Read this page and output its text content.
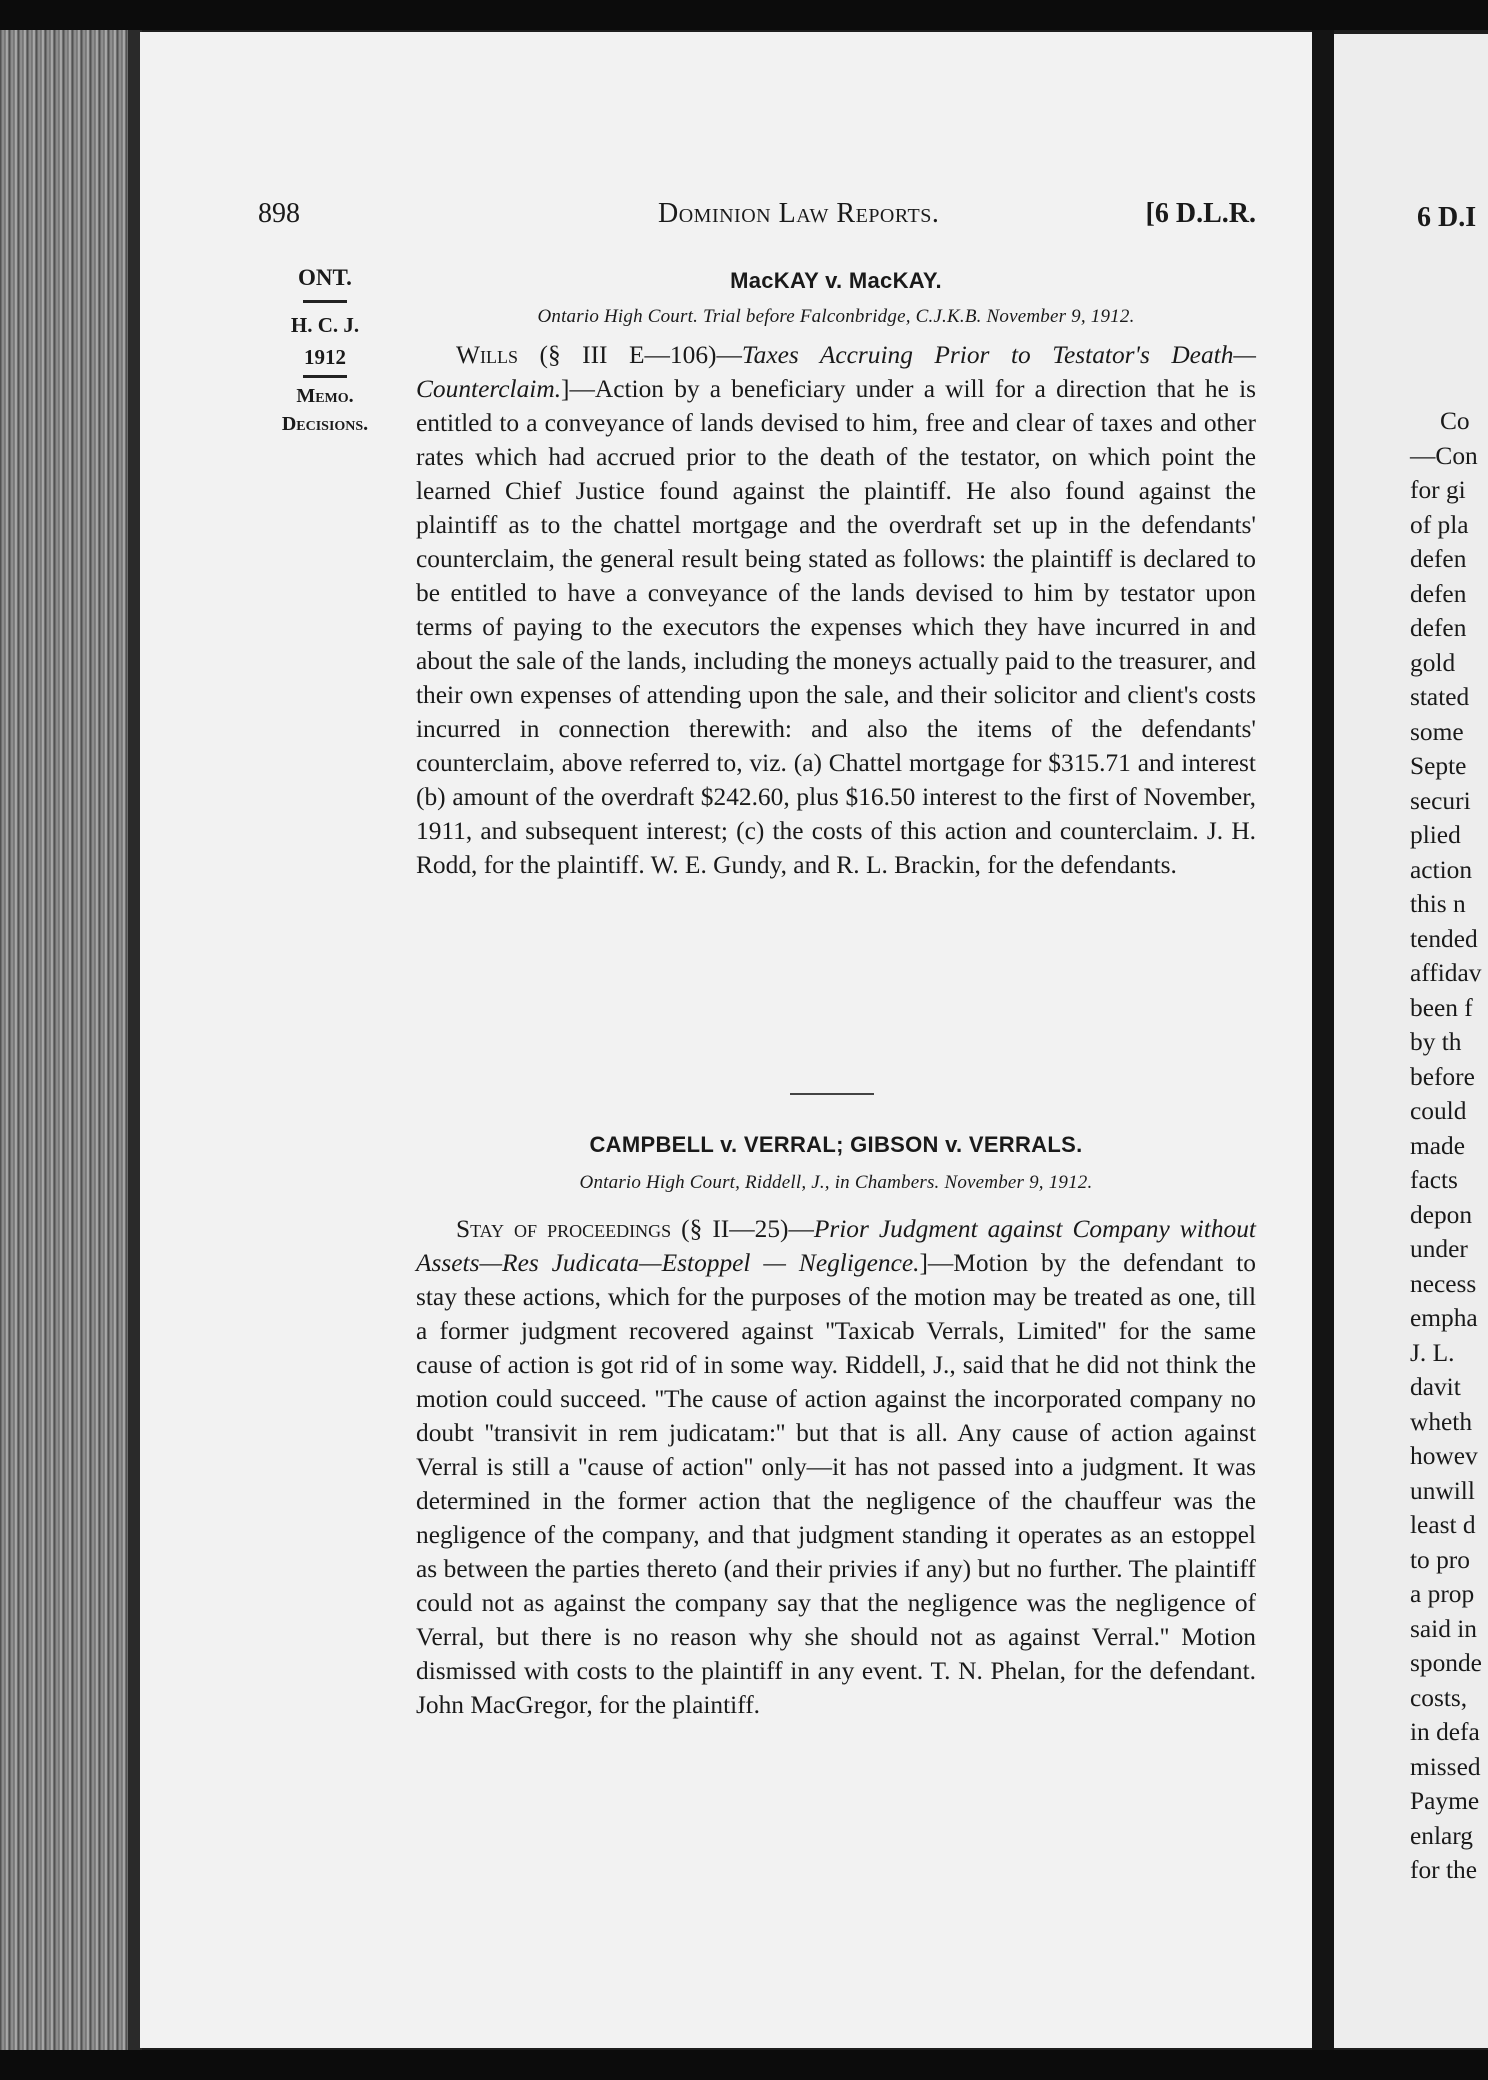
898	Dominion Law Reports.	[6 D.L.R.
ONT.
H. C. J.
1912
Memo.
Decisions.
MacKAY v. MacKAY.
Ontario High Court. Trial before Falconbridge, C.J.K.B. November 9, 1912.

Wills (§ III E—106)—Taxes Accruing Prior to Testator's Death—Counterclaim.]—Action by a beneficiary under a will for a direction that he is entitled to a conveyance of lands devised to him, free and clear of taxes and other rates which had accrued prior to the death of the testator, on which point the learned Chief Justice found against the plaintiff. He also found against the plaintiff as to the chattel mortgage and the overdraft set up in the defendants' counterclaim, the general result being stated as follows: the plaintiff is declared to be entitled to have a conveyance of the lands devised to him by testator upon terms of paying to the executors the expenses which they have incurred in and about the sale of the lands, including the moneys actually paid to the treasurer, and their own expenses of attending upon the sale, and their solicitor and client's costs incurred in connection therewith: and also the items of the defendants' counterclaim, above referred to, viz. (a) Chattel mortgage for $315.71 and interest (b) amount of the overdraft $242.60, plus $16.50 interest to the first of November, 1911, and subsequent interest; (c) the costs of this action and counterclaim. J. H. Rodd, for the plaintiff. W. E. Gundy, and R. L. Brackin, for the defendants.

CAMPBELL v. VERRAL; GIBSON v. VERRALS.
Ontario High Court, Riddell, J., in Chambers. November 9, 1912.

Stay of proceedings (§ II—25)—Prior Judgment against Company without Assets—Res Judicata—Estoppel — Negligence.]—Motion by the defendant to stay these actions, which for the purposes of the motion may be treated as one, till a former judgment recovered against ''Taxicab Verrals, Limited'' for the same cause of action is got rid of in some way. Riddell, J., said that he did not think the motion could succeed. ''The cause of action against the incorporated company no doubt ''transivit in rem judicatam:'' but that is all. Any cause of action against Verral is still a ''cause of action'' only—it has not passed into a judgment. It was determined in the former action that the negligence of the chauffeur was the negligence of the company, and that judgment standing it operates as an estoppel as between the parties thereto (and their privies if any) but no further. The plaintiff could not as against the company say that the negligence was the negligence of Verral, but there is no reason why she should not as against Verral.'' Motion dismissed with costs to the plaintiff in any event. T. N. Phelan, for the defendant. John MacGregor, for the plaintiff.

6 D.I
Co
—Con
for gi
of pla
defen
defen
defen
gold
stated
some
Septe
securi
plied
action
this n
tended
affidav
been f
by th
before
could
made
facts
depon
under
necess
empha
J. L.
davit
wheth
howev
unwill
least d
to pro
a prop
said in
sponde
costs,
in defa
missed
Payme
enlarg
for the
